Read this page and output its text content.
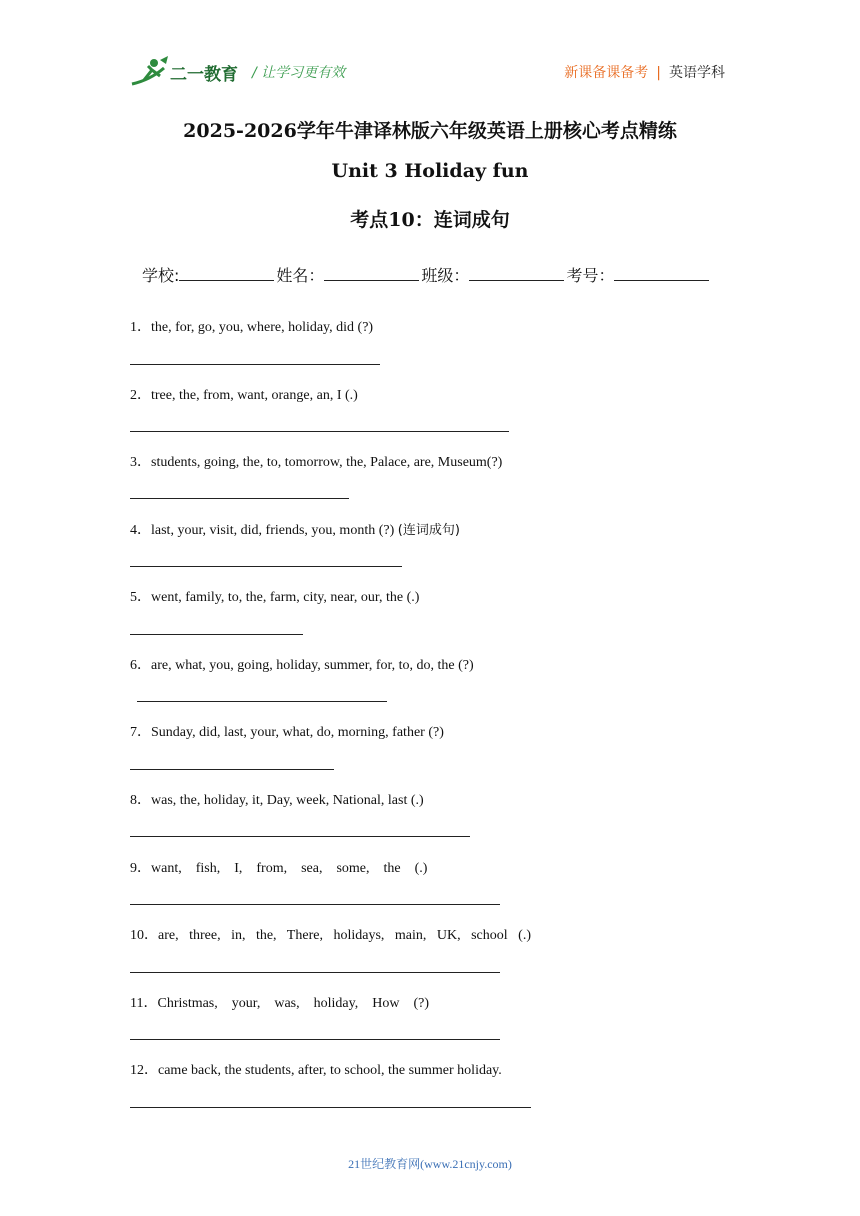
二一教育 / 让学习更有效	新课备课备考 | 英语学科
2025-2026学年牛津译林版六年级英语上册核心考点精练
Unit 3 Holiday fun
考点10：连词成句
学校:	姓名：	班级：	考号：
1．the, for, go, you, where, holiday, did (?)
2．tree, the, from, want, orange, an, I (.)
3．students, going, the, to, tomorrow, the, Palace, are, Museum(?)
4．last, your, visit, did, friends, you, month (?) (连词成句)
5．went, family, to, the, farm, city, near, our, the (.)
6．are, what, you, going, holiday, summer, for, to, do, the (?)
7．Sunday, did, last, your, what, do, morning, father (?)
8．was, the, holiday, it, Day, week, National, last (.)
9．want,    fish,    I,    from,    sea,    some,    the    (.)
10．are,   three,   in,   the,   There,   holidays,   main,   UK,   school   (.)
11．Christmas,    your,    was,    holiday,    How    (?)
12．came back, the students, after, to school, the summer holiday.
21世纪教育网(www.21cnjy.com)
